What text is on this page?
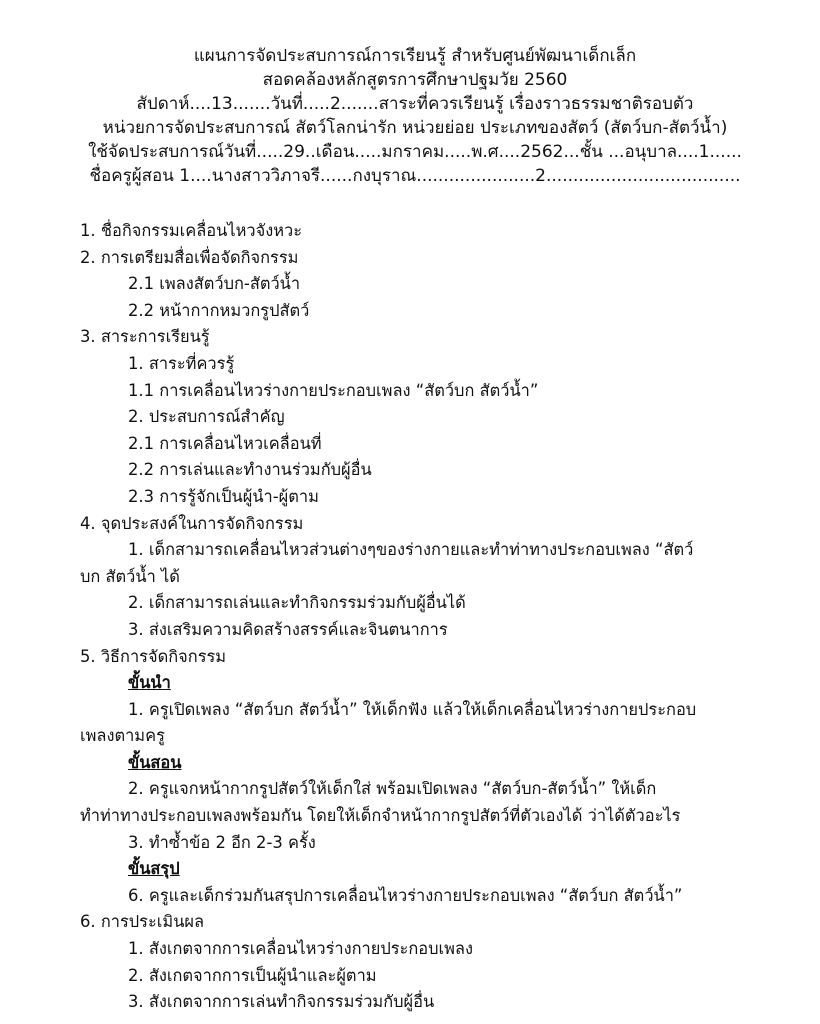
แผนการจัดประสบการณ์การเรียนรู้ สำหรับศูนย์พัฒนาเด็กเล็ก

สอดคล้องหลักสูตรการศึกษาปฐมวัย 2560

สัปดาห์....13.......วันที่.....2.......สาระที่ควรเรียนรู้ เรื่องราวธรรมชาติรอบตัว

หน่วยการจัดประสบการณ์ สัตว์โลกน่ารัก หน่วยย่อย ประเภทของสัตว์ (สัตว์บก-สัตว์น้ำ)

ใช้จัดประสบการณ์วันที่.....29..เดือน.....มกราคม.....พ.ศ....2562...ชั้น ...อนุบาล....1......

ชื่อครูผู้สอน 1....นางสาววิภาจรี......กงบุราณ......................2....................................

1. ชื่อกิจกรรมเคลื่อนไหวจังหวะ

2. การเตรียมสื่อเพื่อจัดกิจกรรม

2.1 เพลงสัตว์บก-สัตว์น้ำ

2.2 หน้ากากหมวกรูปสัตว์

3. สาระการเรียนรู้

1. สาระที่ควรรู้

1.1 การเคลื่อนไหวร่างกายประกอบเพลง “สัตว์บก สัตว์น้ำ”

2. ประสบการณ์สำคัญ

2.1 การเคลื่อนไหวเคลื่อนที่

2.2 การเล่นและทำงานร่วมกับผู้อื่น

2.3 การรู้จักเป็นผู้นำ-ผู้ตาม

4. จุดประสงค์ในการจัดกิจกรรม

1. เด็กสามารถเคลื่อนไหวส่วนต่างๆของร่างกายและทำท่าทางประกอบเพลง “สัตว์

บก สัตว์น้ำ ได้

2. เด็กสามารถเล่นและทำกิจกรรมร่วมกับผู้อื่นได้

3. ส่งเสริมความคิดสร้างสรรค์และจินตนาการ

5. วิธีการจัดกิจกรรม

ขั้นนำ

1. ครูเปิดเพลง “สัตว์บก สัตว์น้ำ” ให้เด็กฟัง แล้วให้เด็กเคลื่อนไหวร่างกายประกอบ

เพลงตามครู

ขั้นสอน

2. ครูแจกหน้ากากรูปสัตว์ให้เด็กใส่ พร้อมเปิดเพลง “สัตว์บก-สัตว์น้ำ” ให้เด็ก

ทำท่าทางประกอบเพลงพร้อมกัน โดยให้เด็กจำหน้ากากรูปสัตว์ที่ตัวเองได้ ว่าได้ตัวอะไร

3. ทำซ้ำข้อ 2 อีก 2-3 ครั้ง

ขั้นสรุป

6. ครูและเด็กร่วมกันสรุปการเคลื่อนไหวร่างกายประกอบเพลง “สัตว์บก สัตว์น้ำ”

6. การประเมินผล

1. สังเกตจากการเคลื่อนไหวร่างกายประกอบเพลง

2. สังเกตจากการเป็นผู้นำและผู้ตาม

3. สังเกตจากการเล่นทำกิจกรรมร่วมกับผู้อื่น
